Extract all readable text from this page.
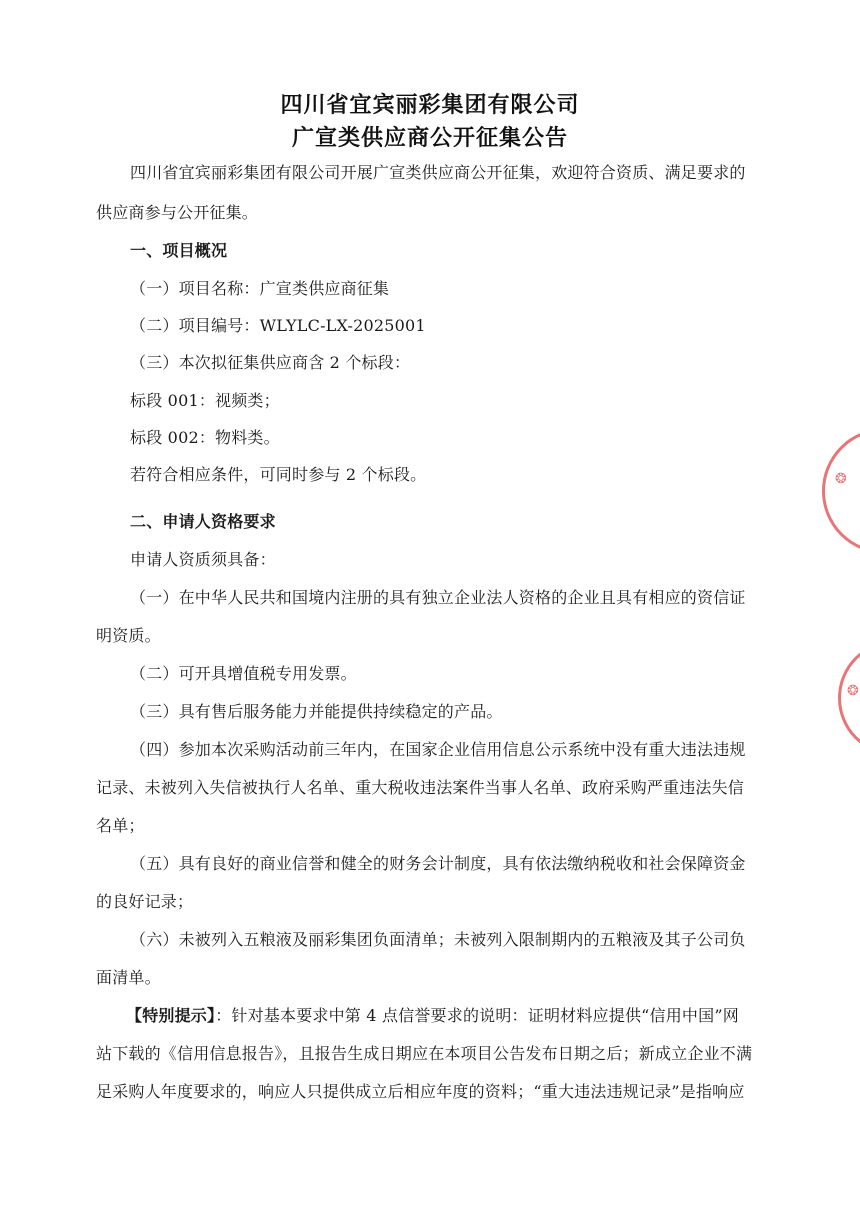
四川省宜宾丽彩集团有限公司
广宣类供应商公开征集公告
四川省宜宾丽彩集团有限公司开展广宣类供应商公开征集，欢迎符合资质、满足要求的
供应商参与公开征集。
一、项目概况
（一）项目名称：广宣类供应商征集
（二）项目编号：WLYLC-LX-2025001
（三）本次拟征集供应商含 2 个标段：
标段 001：视频类；
标段 002：物料类。
若符合相应条件，可同时参与 2 个标段。
二、申请人资格要求
申请人资质须具备：
（一）在中华人民共和国境内注册的具有独立企业法人资格的企业且具有相应的资信证
明资质。
（二）可开具增值税专用发票。
（三）具有售后服务能力并能提供持续稳定的产品。
（四）参加本次采购活动前三年内，在国家企业信用信息公示系统中没有重大违法违规
记录、未被列入失信被执行人名单、重大税收违法案件当事人名单、政府采购严重违法失信
名单；
（五）具有良好的商业信誉和健全的财务会计制度，具有依法缴纳税收和社会保障资金
的良好记录；
（六）未被列入五粮液及丽彩集团负面清单；未被列入限制期内的五粮液及其子公司负
面清单。
【特别提示】：针对基本要求中第 4 点信誉要求的说明：证明材料应提供“信用中国”网
站下载的《信用信息报告》，且报告生成日期应在本项目公告发布日期之后；新成立企业不满
足采购人年度要求的，响应人只提供成立后相应年度的资料；“重大违法违规记录”是指响应
❂
❂
